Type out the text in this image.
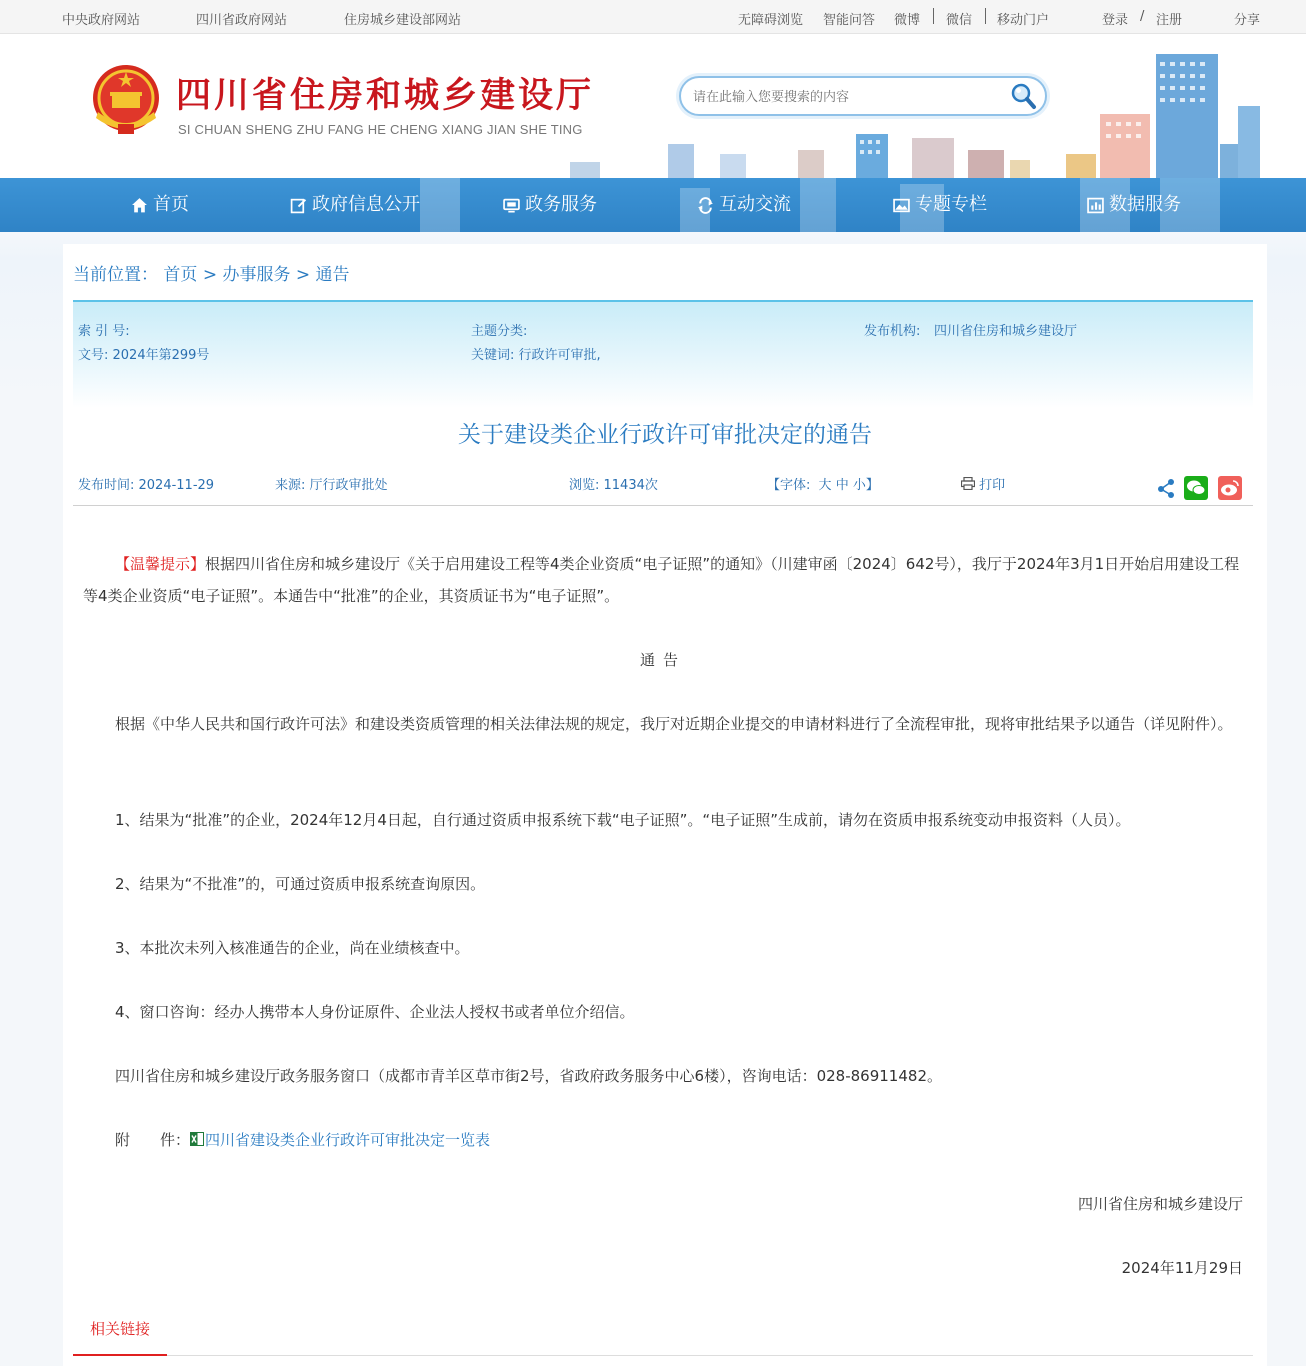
中央政府网站	四川省政府网站	住房城乡建设部网站	无障碍浏览 智能问答 微博 微信 移动门户	登录 / 注册	分享
四川省住房和城乡建设厅
SI CHUAN SHENG ZHU FANG HE CHENG XIANG JIAN SHE TING
请在此输入您要搜索的内容
首页	政府信息公开	政务服务	互动交流	专题专栏	数据服务
当前位置： 首页 > 办事服务 > 通告
索 引 号:	主题分类:	发布机构: 四川省住房和城乡建设厅
文号: 2024年第299号	关键词: 行政许可审批,
关于建设类企业行政许可审批决定的通告
发布时间: 2024-11-29	来源: 厅行政审批处	浏览: 11434次	【字体: 大 中 小】	打印

【温馨提示】根据四川省住房和城乡建设厅《关于启用建设工程等4类企业资质“电子证照”的通知》（川建审函〔2024〕642号），我厅于2024年3月1日开始启用建设工程等4类企业资质“电子证照”。本通告中“批准”的企业，其资质证书为“电子证照”。

通告

根据《中华人民共和国行政许可法》和建设类资质管理的相关法律法规的规定，我厅对近期企业提交的申请材料进行了全流程审批，现将审批结果予以通告（详见附件）。

1、结果为“批准”的企业，2024年12月4日起，自行通过资质申报系统下载“电子证照”。“电子证照”生成前，请勿在资质申报系统变动申报资料（人员）。

2、结果为“不批准”的，可通过资质申报系统查询原因。

3、本批次未列入核准通告的企业，尚在业绩核查中。

4、窗口咨询：经办人携带本人身份证原件、企业法人授权书或者单位介绍信。

四川省住房和城乡建设厅政务服务窗口（成都市青羊区草市街2号，省政府政务服务中心6楼），咨询电话：028-86911482。

附　　件： 四川省建设类企业行政许可审批决定一览表

四川省住房和城乡建设厅

2024年11月29日

相关链接
